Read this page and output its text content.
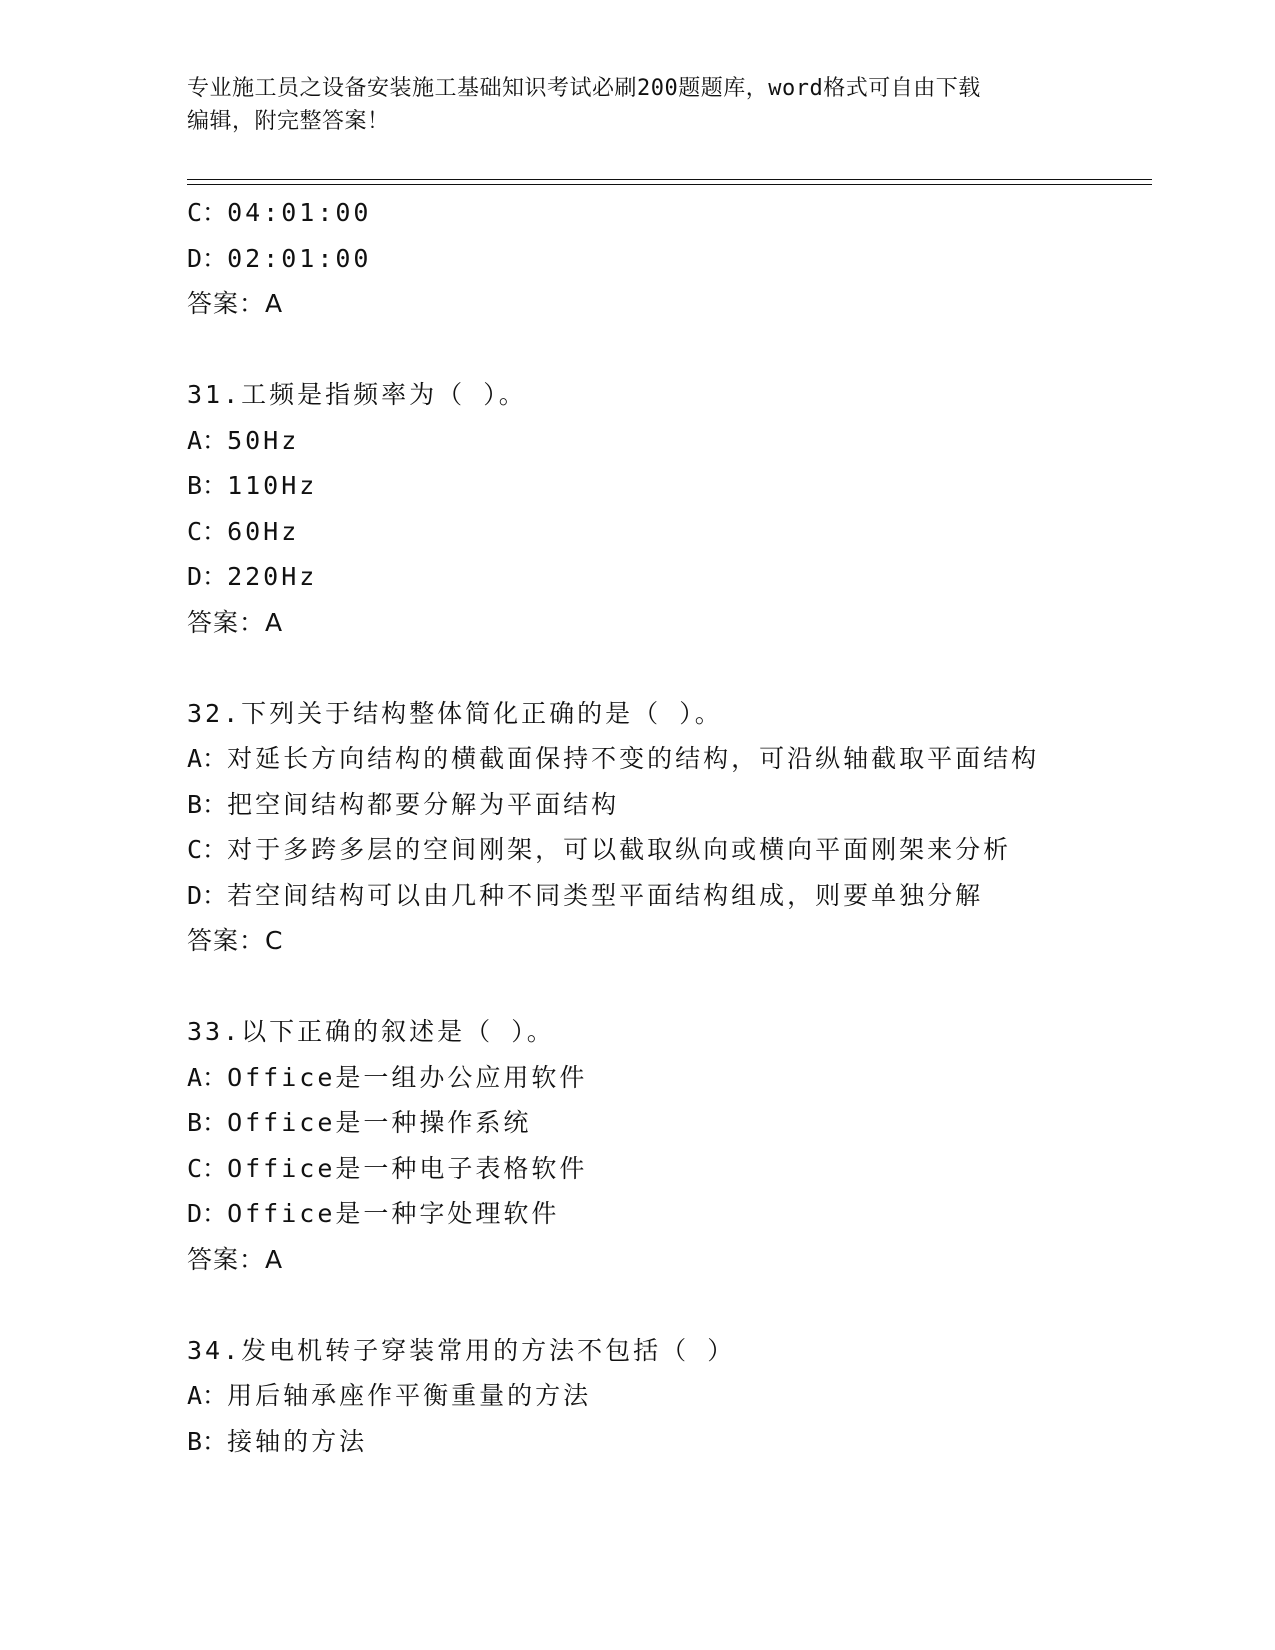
专业施工员之设备安装施工基础知识考试必刷200题题库，word格式可自由下载
编辑，附完整答案！
C：04:01:00
D：02:01:00
答案：A
31.工频是指频率为（ ）。
A：50Hz
B：110Hz
C：60Hz
D：220Hz
答案：A
32.下列关于结构整体简化正确的是（ ）。
A：对延长方向结构的横截面保持不变的结构，可沿纵轴截取平面结构
B：把空间结构都要分解为平面结构
C：对于多跨多层的空间刚架，可以截取纵向或横向平面刚架来分析
D：若空间结构可以由几种不同类型平面结构组成，则要单独分解
答案：C
33.以下正确的叙述是（ ）。
A：Office是一组办公应用软件
B：Office是一种操作系统
C：Office是一种电子表格软件
D：Office是一种字处理软件
答案：A
34.发电机转子穿装常用的方法不包括（ ）
A：用后轴承座作平衡重量的方法
B：接轴的方法
